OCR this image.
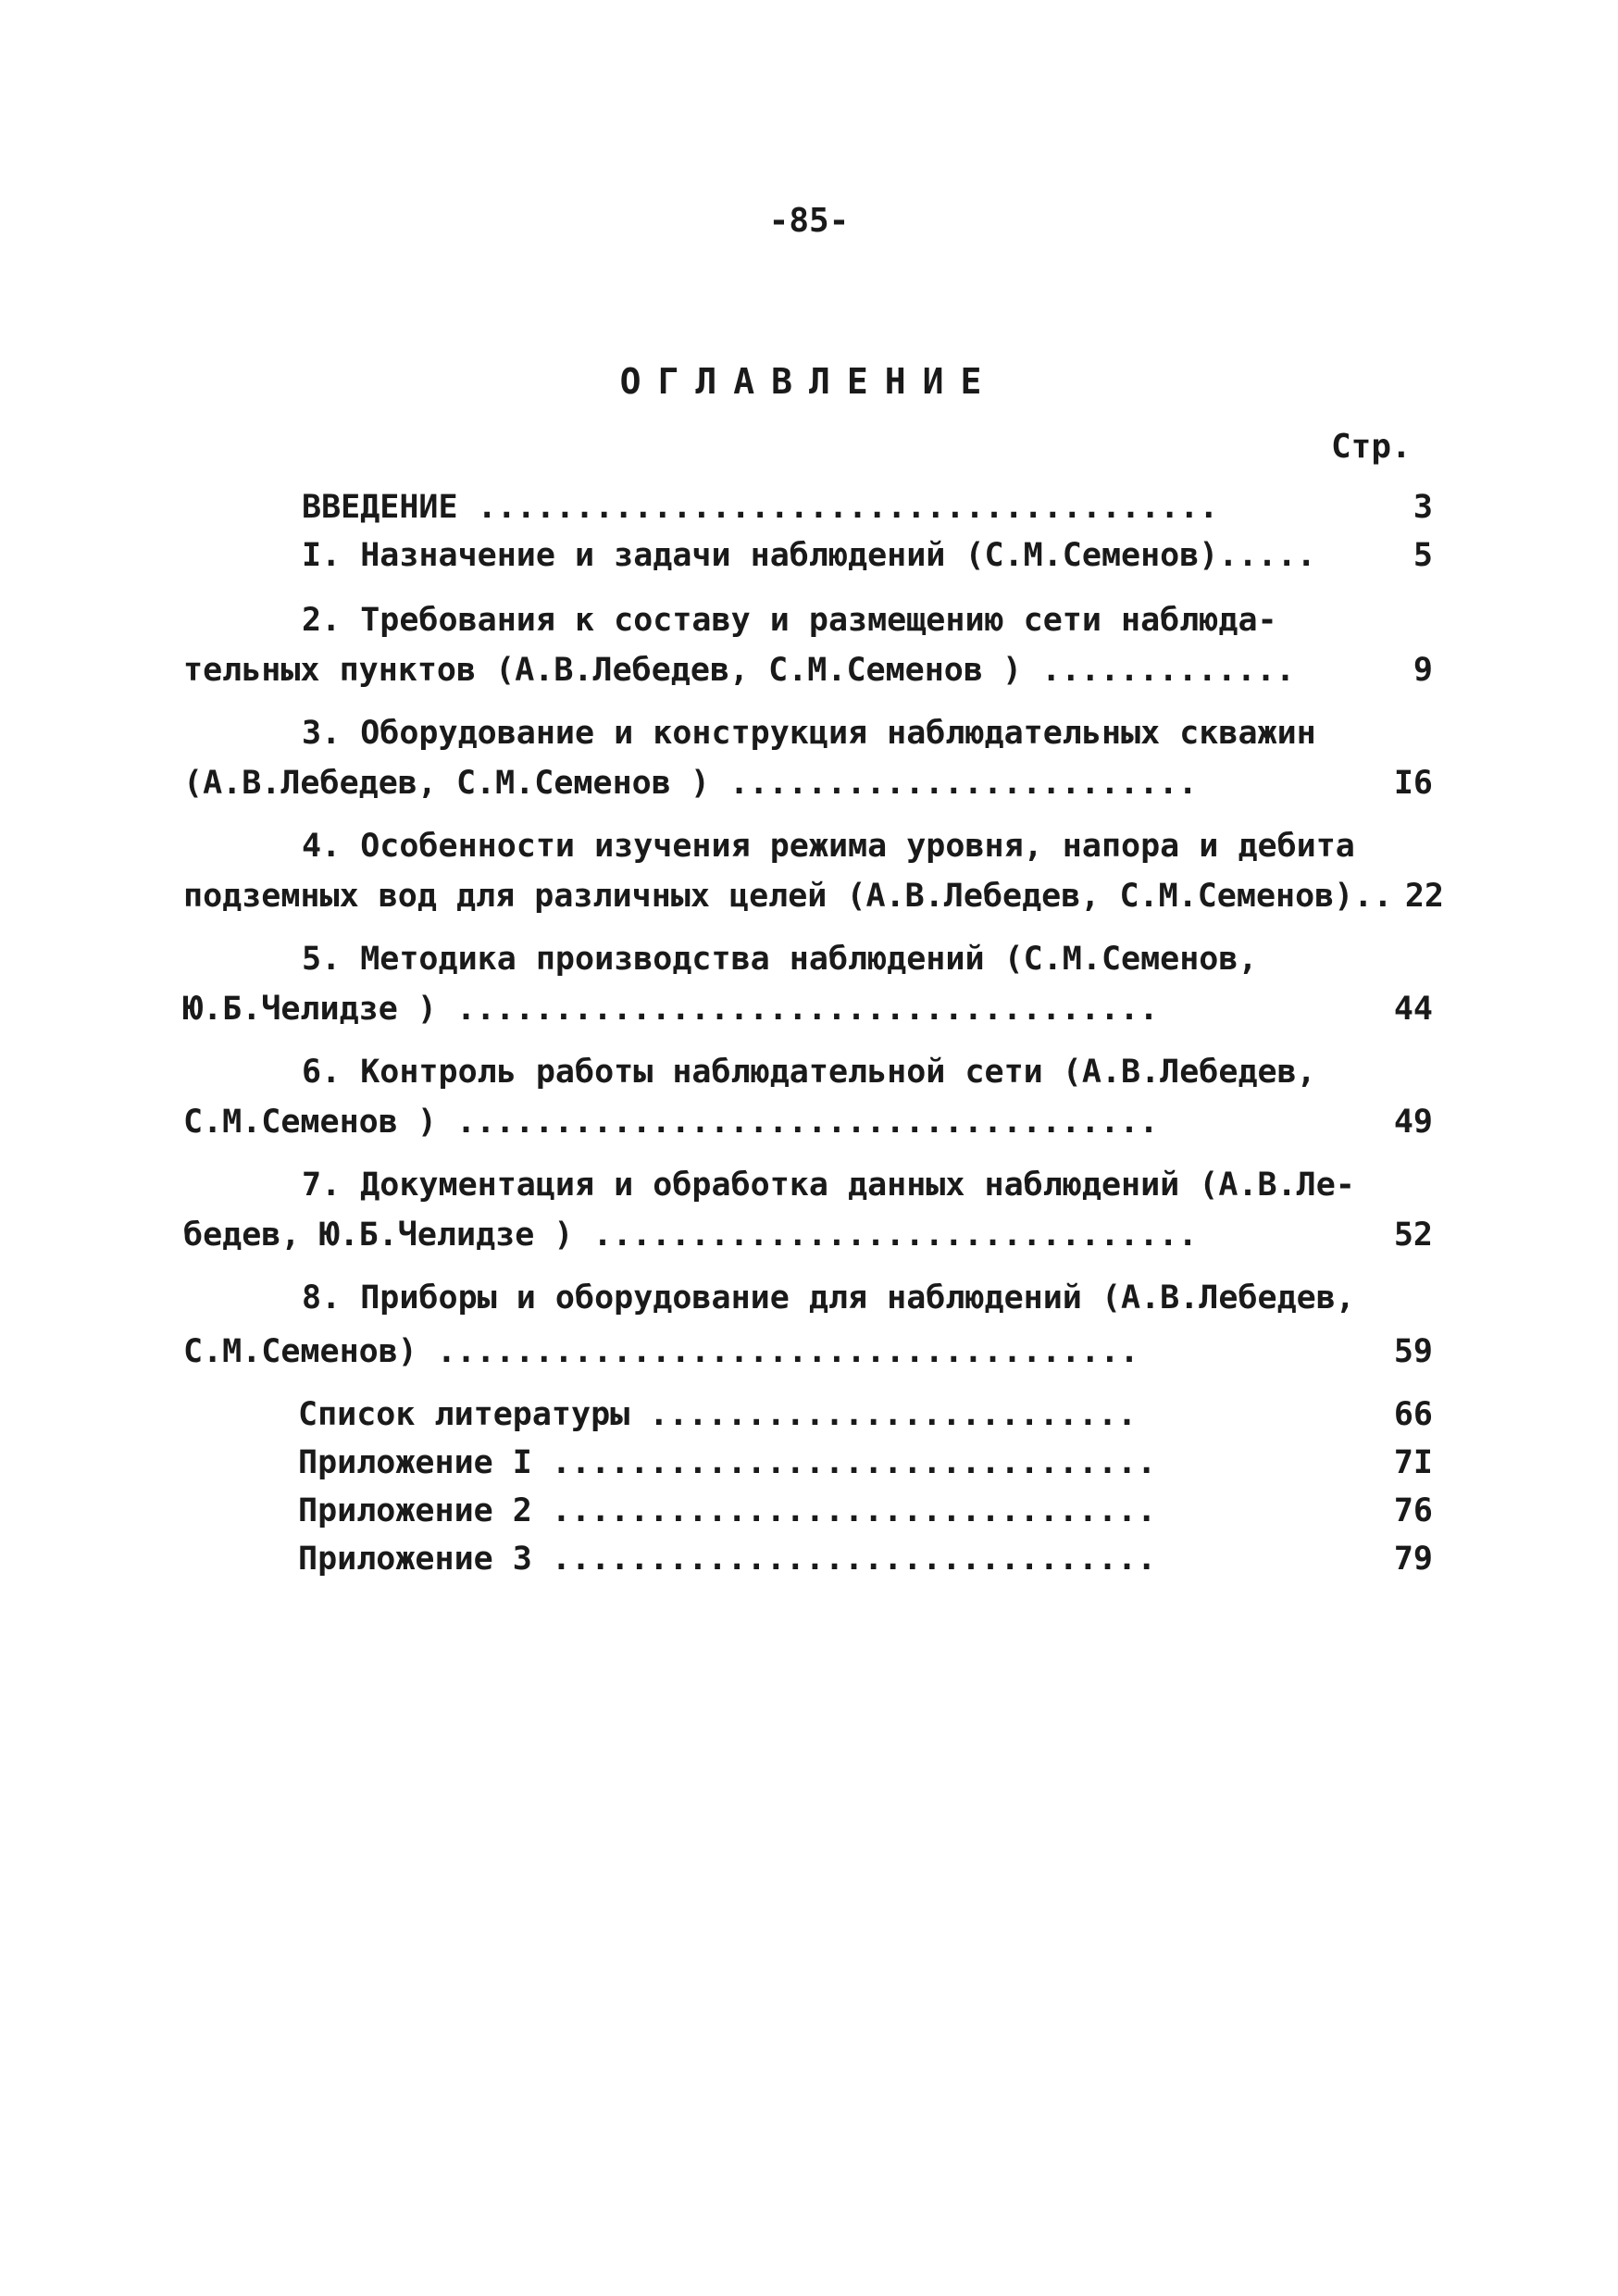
-85-
ОГЛАВЛЕНИЕ
Стр.
ВВЕДЕНИЕ ......................................	3
I. Назначение и задачи наблюдений (С.М.Семенов).....	5
2. Требования к составу и размещению сети наблюда-
тельных пунктов (А.В.Лебедев, С.М.Семенов ) .............	9
3. Оборудование и конструкция наблюдательных скважин
(А.В.Лебедев, С.М.Семенов ) ........................	I6
4. Особенности изучения режима уровня, напора и дебита
подземных вод для различных целей (А.В.Лебедев, С.М.Семенов).. 22
5. Методика производства наблюдений (С.М.Семенов,
Ю.Б.Челидзе ) ....................................	44
6. Контроль работы наблюдательной сети (А.В.Лебедев,
С.М.Семенов ) ....................................	49
7. Документация и обработка данных наблюдений (А.В.Ле-
бедев, Ю.Б.Челидзе ) ...............................	52
8. Приборы и оборудование для наблюдений (А.В.Лебедев,
С.М.Семенов) ....................................	59
Список литературы .........................	66
Приложение I ...............................	7I
Приложение 2 ...............................	76
Приложение 3 ...............................	79
